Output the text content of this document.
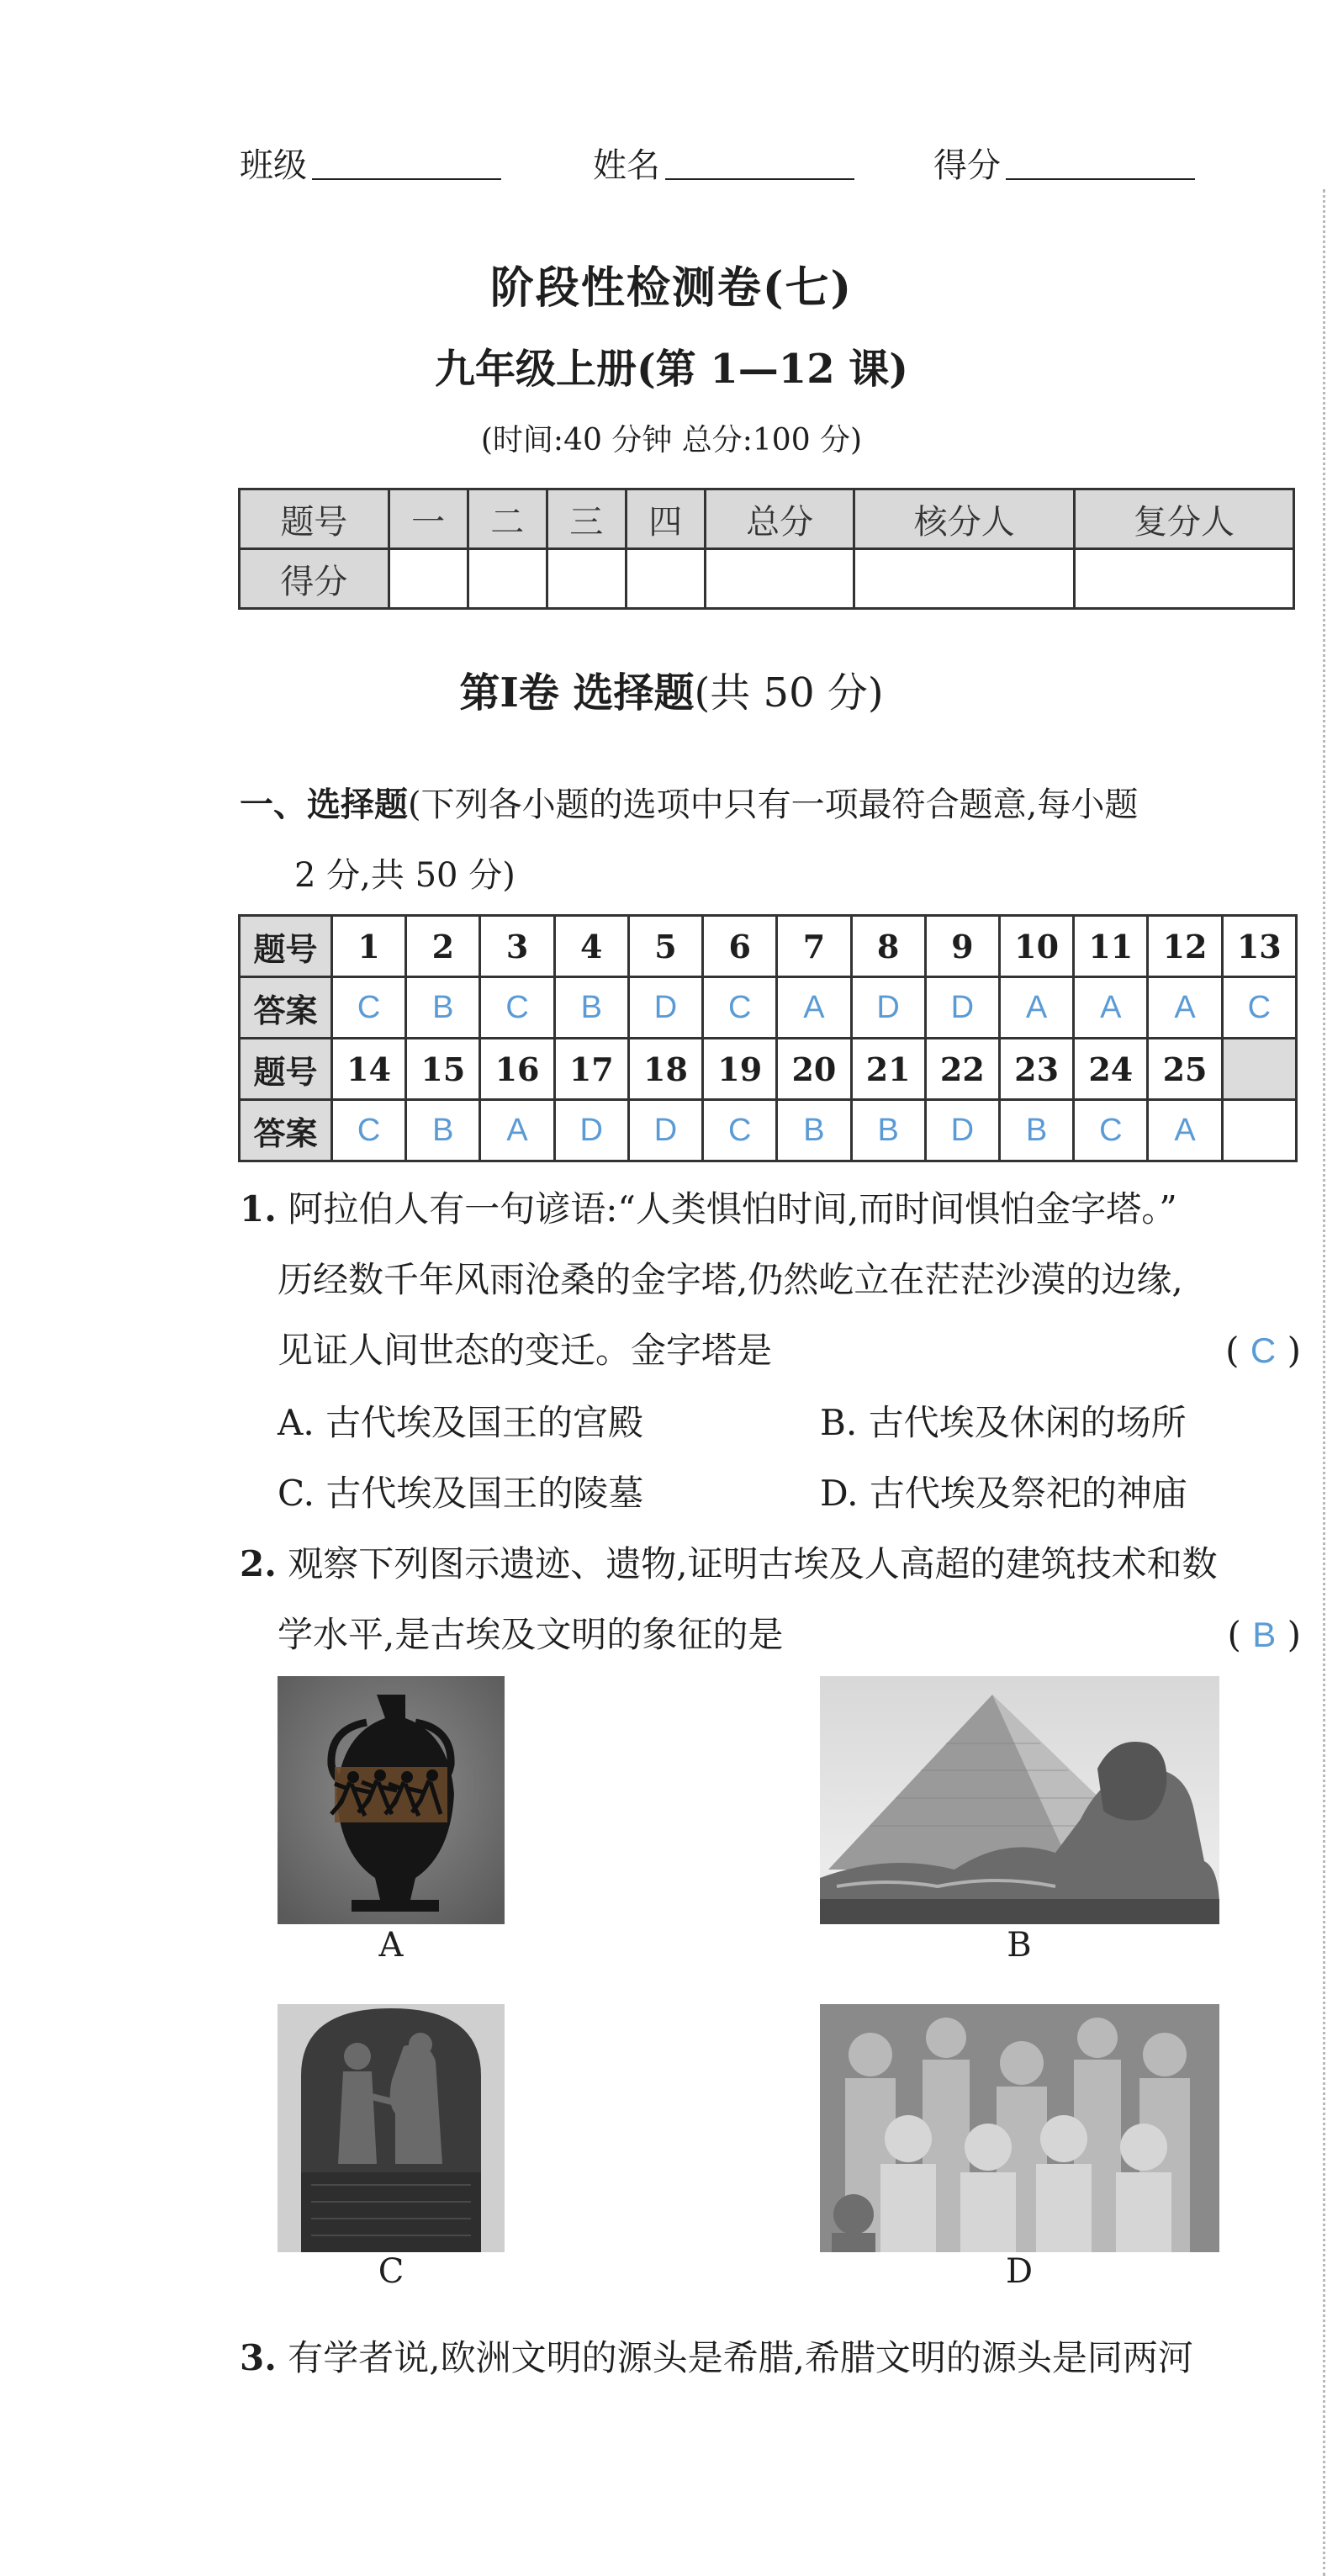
班级	姓名	得分
阶段性检测卷(七)
九年级上册(第 1—12 课)
(时间:40 分钟 总分:100 分)
题号	一	二	三	四	总分	核分人	复分人
得分							
第Ⅰ卷 选择题(共 50 分)
一、选择题(下列各小题的选项中只有一项最符合题意,每小题
2 分,共 50 分)
题号	1	2	3	4	5	6	7	8	9	10	11	12	13
答案	C	B	C	B	D	C	A	D	D	A	A	A	C
题号	14	15	16	17	18	19	20	21	22	23	24	25	
答案	C	B	A	D	D	C	B	B	D	B	C	A	
1. 阿拉伯人有一句谚语:“人类惧怕时间,而时间惧怕金字塔。”
历经数千年风雨沧桑的金字塔,仍然屹立在茫茫沙漠的边缘,
见证人间世态的变迁。金字塔是	( C )
A. 古代埃及国王的宫殿	B. 古代埃及休闲的场所
C. 古代埃及国王的陵墓	D. 古代埃及祭祀的神庙
2. 观察下列图示遗迹、遗物,证明古埃及人高超的建筑技术和数
学水平,是古埃及文明的象征的是	( B )
A	B
C	D
3. 有学者说,欧洲文明的源头是希腊,希腊文明的源头是同两河
